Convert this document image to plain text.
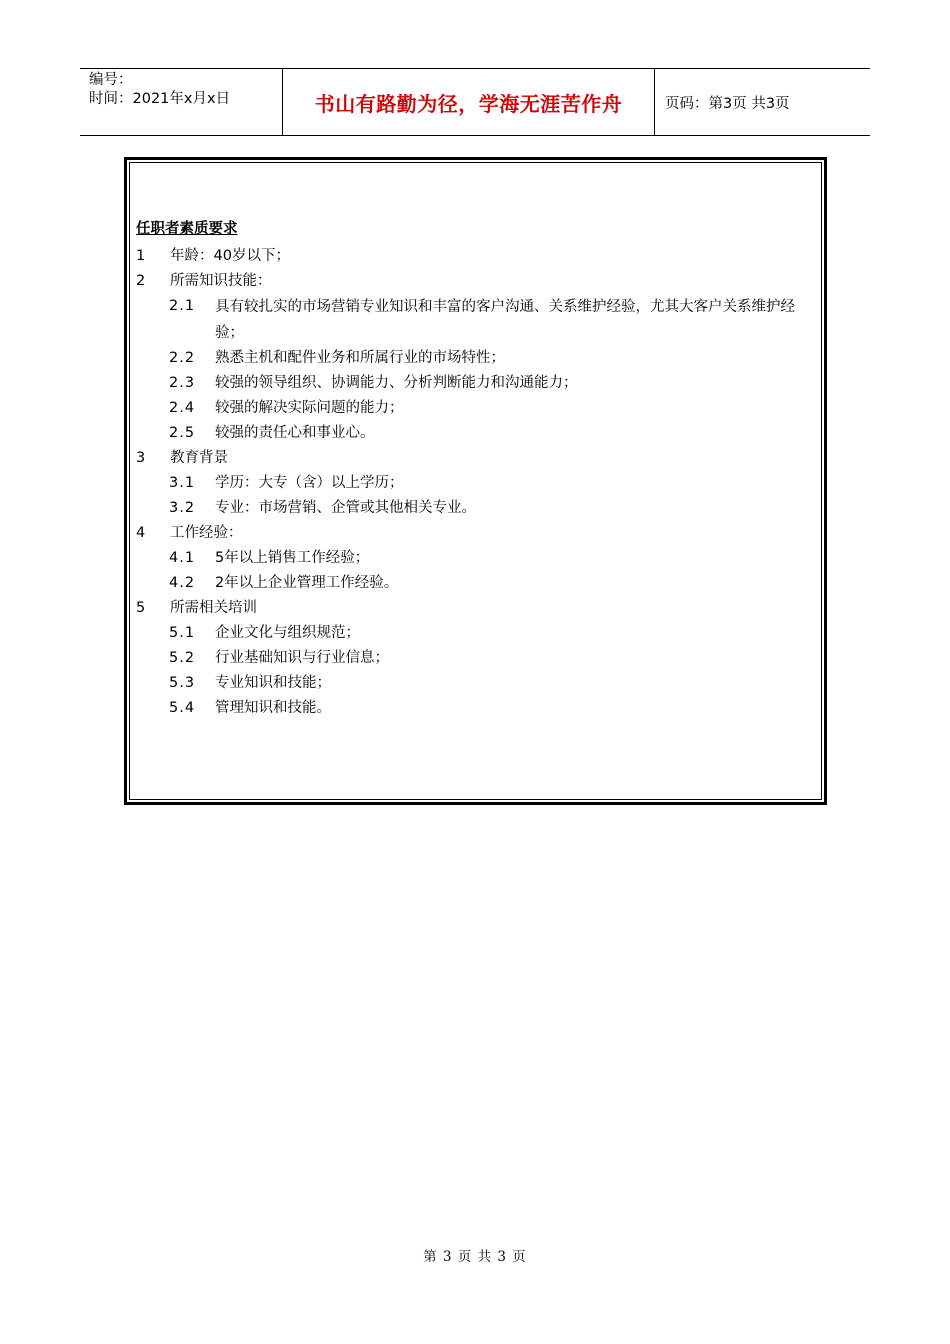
编号：
时间：2021年x月x日	书山有路勤为径，学海无涯苦作舟	页码：第3页 共3页
任职者素质要求
1	年龄：40岁以下；
2	所需知识技能：
2.1	具有较扎实的市场营销专业知识和丰富的客户沟通、关系维护经验，尤其大客户关系维护经验；
2.2	熟悉主机和配件业务和所属行业的市场特性；
2.3	较强的领导组织、协调能力、分析判断能力和沟通能力；
2.4	较强的解决实际问题的能力；
2.5	较强的责任心和事业心。
3	教育背景
3.1	学历：大专（含）以上学历；
3.2	专业：市场营销、企管或其他相关专业。
4	工作经验：
4.1	5年以上销售工作经验；
4.2	2年以上企业管理工作经验。
5	所需相关培训
5.1	企业文化与组织规范；
5.2	行业基础知识与行业信息；
5.3	专业知识和技能；
5.4	管理知识和技能。
第 3 页 共 3 页
